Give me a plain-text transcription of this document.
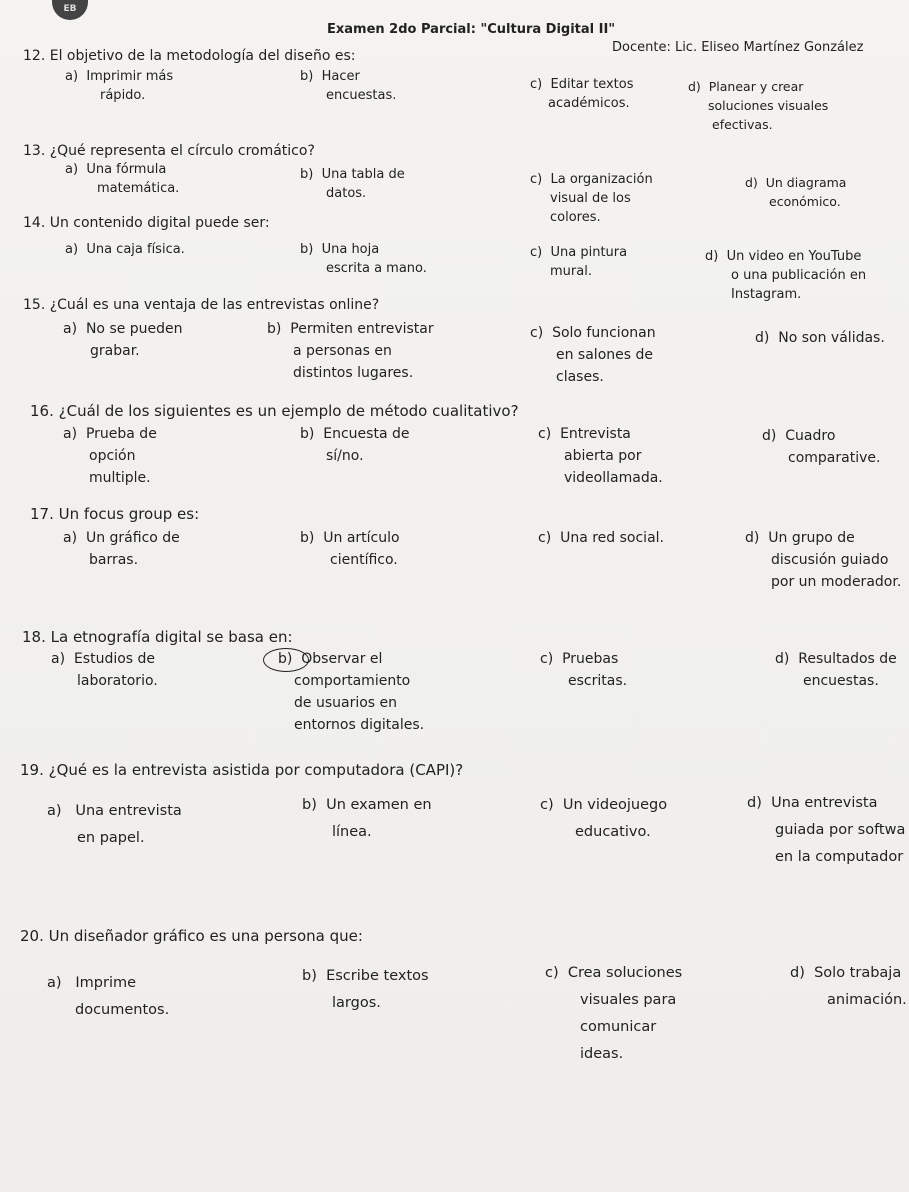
EB
Examen 2do Parcial: "Cultura Digital II"
Docente: Lic. Eliseo Martínez González
12. El objetivo de la metodología del diseño es:
a) Imprimir más
rápido.
b) Hacer
encuestas.
c) Editar textos
académicos.
d) Planear y crear
soluciones visuales
efectivas.
13. ¿Qué representa el círculo cromático?
a) Una fórmula
matemática.
b) Una tabla de
datos.
c) La organización
visual de los
colores.
d) Un diagrama
económico.
14. Un contenido digital puede ser:
a) Una caja física.	b) Una hoja
escrita a mano.
c) Una pintura
mural.
d) Un video en YouTube
o una publicación en
Instagram.
15. ¿Cuál es una ventaja de las entrevistas online?
a) No se pueden
grabar.
b) Permiten entrevistar
a personas en
distintos lugares.
c) Solo funcionan
en salones de
clases.
d) No son válidas.
16. ¿Cuál de los siguientes es un ejemplo de método cualitativo?
a) Prueba de
opción
multiple.
b) Encuesta de
sí/no.
c) Entrevista
abierta por
videollamada.
d) Cuadro
comparative.
17. Un focus group es:
a) Un gráfico de
barras.
b) Un artículo
científico.
c) Una red social.	d) Un grupo de
discusión guiado
por un moderador.
18. La etnografía digital se basa en:
a) Estudios de
laboratorio.
b) Observar el
comportamiento
de usuarios en
entornos digitales.
c) Pruebas
escritas.
d) Resultados de
encuestas.
19. ¿Qué es la entrevista asistida por computadora (CAPI)?
a) Una entrevista
en papel.
b) Un examen en
línea.
c) Un videojuego
educativo.
d) Una entrevista
guiada por softwa
en la computador
20. Un diseñador gráfico es una persona que:
a) Imprime
documentos.
b) Escribe textos
largos.
c) Crea soluciones
visuales para
comunicar
ideas.
d) Solo trabaja
animación.
